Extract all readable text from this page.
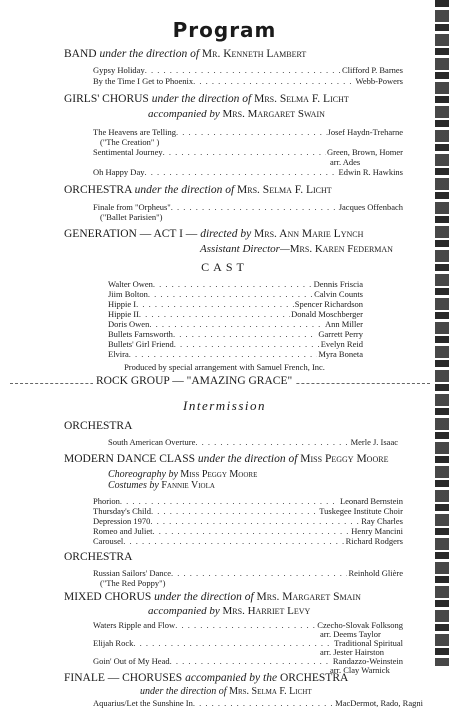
Program
BAND under the direction of Mr. Kenneth Lambert
Gypsy Holiday . . .	Clifford P. Barnes
By the Time I Get to Phoenix . . .	Webb-Powers
GIRLS' CHORUS under the direction of Mrs. Selma F. Licht
accompanied by Mrs. Margaret Swain
The Heavens are Telling . . .	Josef Haydn-Treharne
("The Creation" )
Sentimental Journey . . .	Green, Brown, Homer
arr. Ades
Oh Happy Day . . .	Edwin R. Hawkins
ORCHESTRA under the direction of Mrs. Selma F. Licht
Finale from "Orpheus" . . .	Jacques Offenbach
("Ballet Parisien")
GENERATION — ACT I — directed by Mrs. Ann Marie Lynch
Assistant Director—Mrs. Karen Federman
CAST
Walter Owen . . .	Dennis Friscia
Jiim Bolton . . .	Calvin Counts
Hippie I . . .	Spencer Richardson
Hippie II . . .	Donald Moschberger
Doris Owen . . .	Ann Miller
Bullets Farnsworth . . .	Garrett Perry
Bullets' Girl Friend . . .	Evelyn Reid
Elvira . . .	Myra Boneta
Produced by special arrangement with Samuel French, Inc.
ROCK GROUP — "AMAZING GRACE"
Intermission
ORCHESTRA
South American Overture . . .	Merle J. Isaac
MODERN DANCE CLASS under the direction of Miss Peggy Moore
Choreography by Miss Peggy Moore
Costumes by Fannie Viola
Phorion . . .	Leonard Bernstein
Thursday's Child . . .	Tuskegee Institute Choir
Depression 1970 . . .	Ray Charles
Romeo and Juliet . . .	Henry Mancini
Carousel . . .	Richard Rodgers
ORCHESTRA
Russian Sailors' Dance . . .	Reinhold Glière
("The Red Poppy")
MIXED CHORUS under the direction of Mrs. Margaret Smain
accompanied by Mrs. Harriet Levy
Waters Ripple and Flow . . .	Czecho-Slovak Folksong
arr. Deems Taylor
Elijah Rock . . .	Traditional Spiritual
arr. Jester Hairston
Goin' Out of My Head . . .	Randazzo-Weinstein
arr. Clay Warnick
FINALE — CHORUSES accompanied by the ORCHESTRA
under the direction of Mrs. Selma F. Licht
Aquarius/Let the Sunshine In . . .	MacDermot, Rado, Ragni
